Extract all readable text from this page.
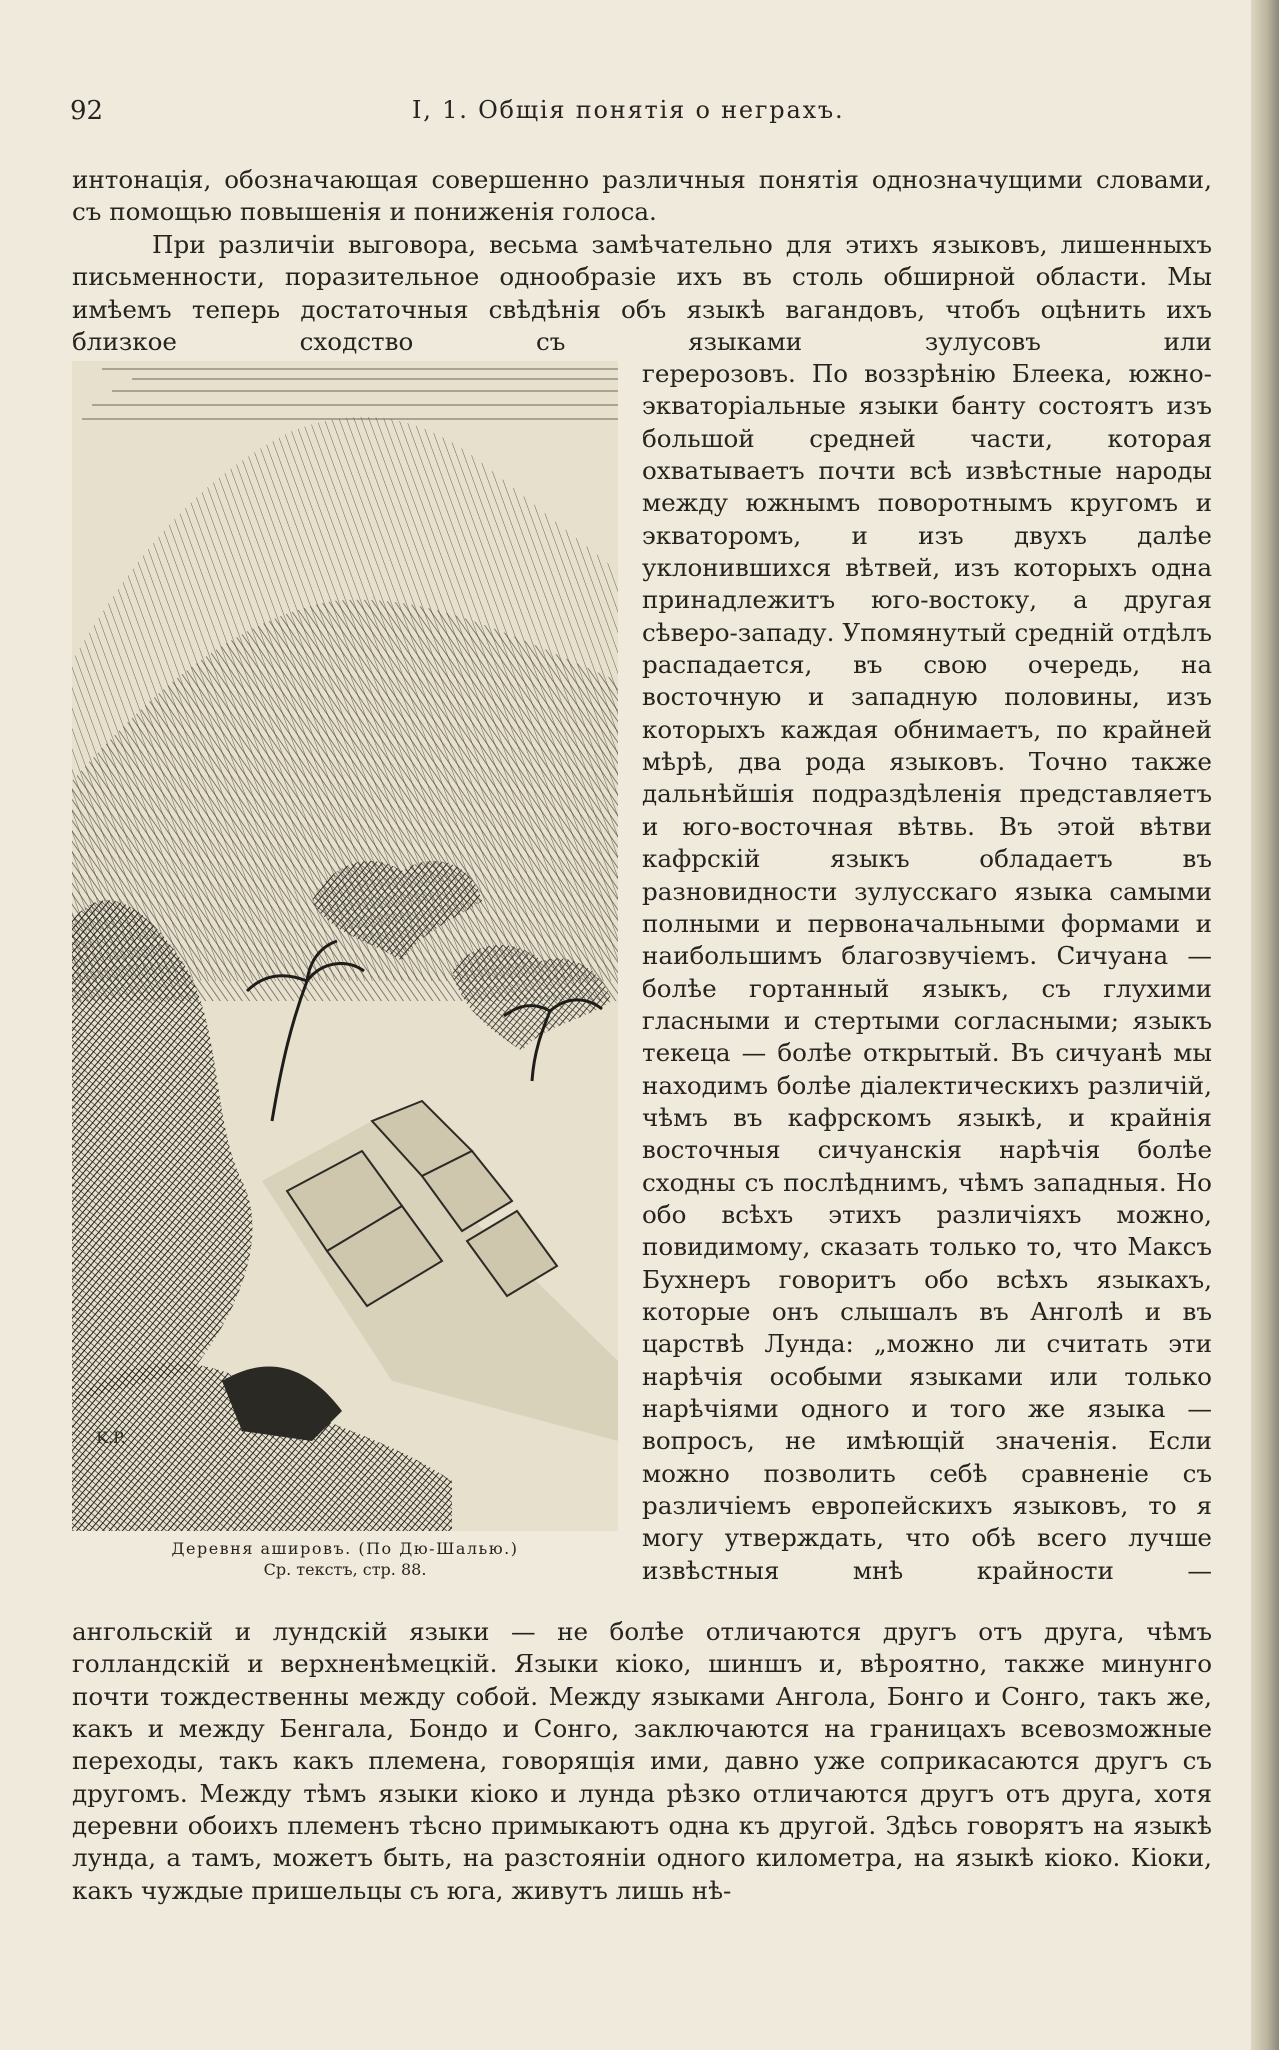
92	I, 1. Общія понятія о неграхъ.
интонація, обозначающая совершенно различныя понятія однозначущими словами, съ помощью повышенія и пониженія голоса.
При различіи выговора, весьма замѣчательно для этихъ языковъ, лишенныхъ письменности, поразительное однообразіе ихъ въ столь обширной области. Мы имѣемъ теперь достаточныя свѣдѣнія объ языкѣ вагандовъ, чтобъ оцѣнить ихъ близкое сходство съ языками зулусовъ или
K.P.
Деревня ашировъ. (По Дю-Шалью.)
Ср. текстъ, стр. 88.
герерозовъ. По воззрѣнію Блеека, южно-экваторіальные языки банту состоятъ изъ большой средней части, которая охватываетъ почти всѣ извѣстные народы между южнымъ поворотнымъ кругомъ и экваторомъ, и изъ двухъ далѣе уклонившихся вѣтвей, изъ которыхъ одна принадлежитъ юго-востоку, а другая сѣверо-западу. Упомянутый средній отдѣлъ распадается, въ свою очередь, на восточную и западную половины, изъ которыхъ каждая обнимаетъ, по крайней мѣрѣ, два рода языковъ. Точно также дальнѣйшія подраздѣленія представляетъ и юго-восточная вѣтвь. Въ этой вѣтви кафрскій языкъ обладаетъ въ разновидности зулусскаго языка самыми полными и первоначальными формами и наибольшимъ благозвучіемъ. Сичуана — болѣе гортанный языкъ, съ глухими гласными и стертыми согласными; языкъ текеца — болѣе открытый. Въ сичуанѣ мы находимъ болѣе діалектическихъ различій, чѣмъ въ кафрскомъ языкѣ, и крайнія восточныя сичуанскія нарѣчія болѣе сходны съ послѣднимъ, чѣмъ западныя. Но обо всѣхъ этихъ различіяхъ можно, повидимому, сказать только то, что Максъ Бухнеръ говоритъ обо всѣхъ языкахъ, которые онъ слышалъ въ Анголѣ и въ царствѣ Лунда: „можно ли считать эти нарѣчія особыми языками или только нарѣчіями одного и того же языка — вопросъ, не имѣющій значенія. Если можно позволить себѣ сравненіе съ различіемъ европейскихъ языковъ, то я могу утверждать, что обѣ всего лучше извѣстныя мнѣ крайности —
ангольскій и лундскій языки — не болѣе отличаются другъ отъ друга, чѣмъ голландскій и верхненѣмецкій. Языки кіоко, шиншъ и, вѣроятно, также минунго почти тождественны между собой. Между языками Ангола, Бонго и Сонго, такъ же, какъ и между Бенгала, Бондо и Сонго, заключаются на границахъ всевозможные переходы, такъ какъ племена, говорящія ими, давно уже соприкасаются другъ съ другомъ. Между тѣмъ языки кіоко и лунда рѣзко отличаются другъ отъ друга, хотя деревни обоихъ племенъ тѣсно примыкаютъ одна къ другой. Здѣсь говорятъ на языкѣ лунда, а тамъ, можетъ быть, на разстояніи одного километра, на языкѣ кіоко. Кіоки, какъ чуждые пришельцы съ юга, живутъ лишь нѣ-
